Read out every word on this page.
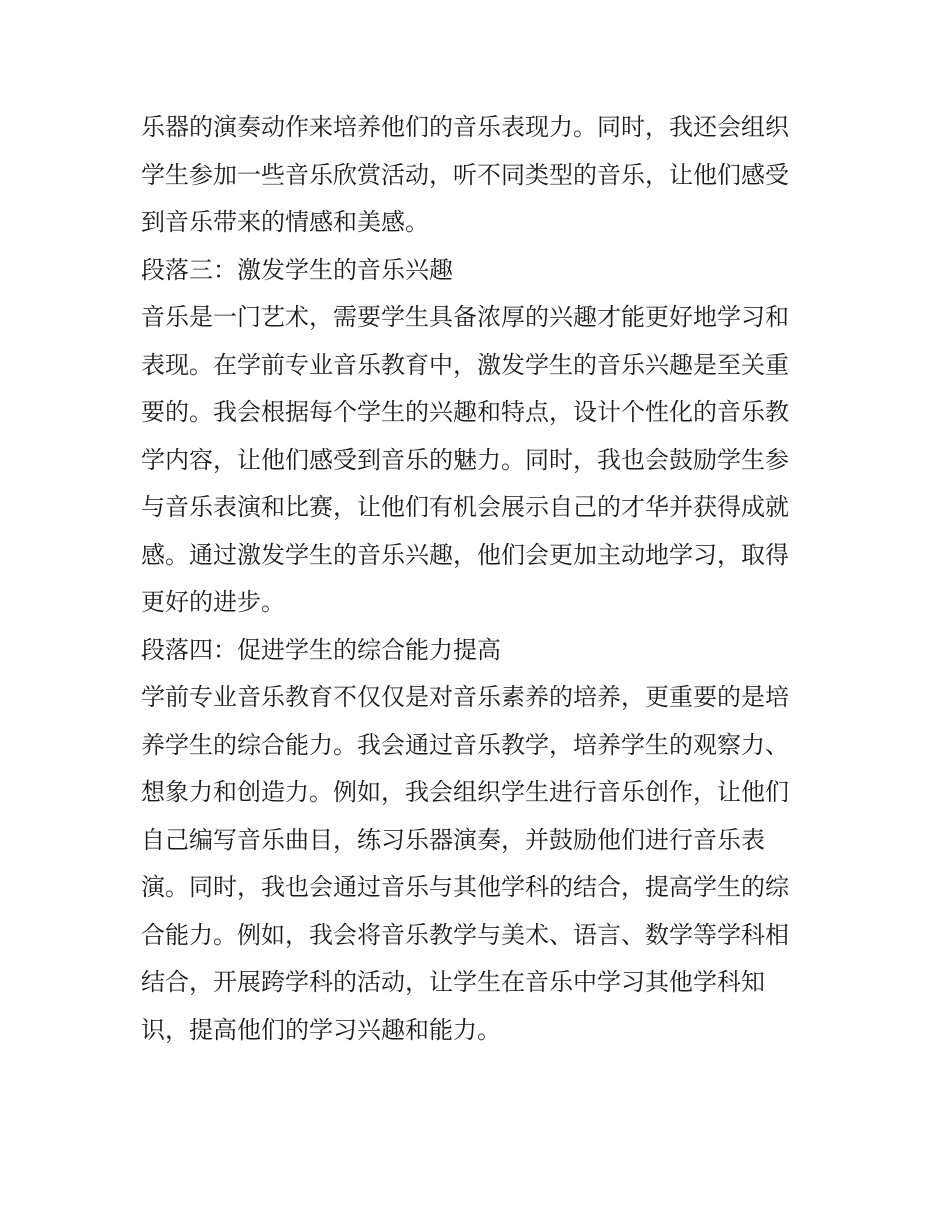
乐器的演奏动作来培养他们的音乐表现力。同时，我还会组织
学生参加一些音乐欣赏活动，听不同类型的音乐，让他们感受
到音乐带来的情感和美感。
段落三：激发学生的音乐兴趣
音乐是一门艺术，需要学生具备浓厚的兴趣才能更好地学习和
表现。在学前专业音乐教育中，激发学生的音乐兴趣是至关重
要的。我会根据每个学生的兴趣和特点，设计个性化的音乐教
学内容，让他们感受到音乐的魅力。同时，我也会鼓励学生参
与音乐表演和比赛，让他们有机会展示自己的才华并获得成就
感。通过激发学生的音乐兴趣，他们会更加主动地学习，取得
更好的进步。
段落四：促进学生的综合能力提高
学前专业音乐教育不仅仅是对音乐素养的培养，更重要的是培
养学生的综合能力。我会通过音乐教学，培养学生的观察力、
想象力和创造力。例如，我会组织学生进行音乐创作，让他们
自己编写音乐曲目，练习乐器演奏，并鼓励他们进行音乐表
演。同时，我也会通过音乐与其他学科的结合，提高学生的综
合能力。例如，我会将音乐教学与美术、语言、数学等学科相
结合，开展跨学科的活动，让学生在音乐中学习其他学科知
识，提高他们的学习兴趣和能力。
